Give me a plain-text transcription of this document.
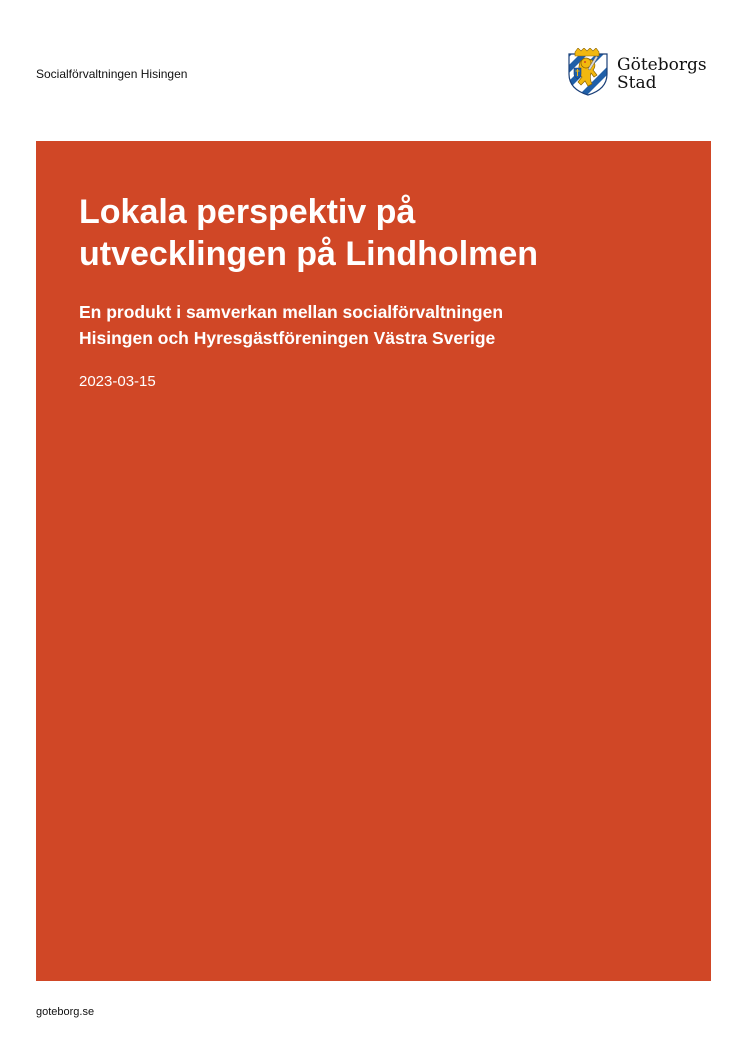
Socialförvaltningen Hisingen	Göteborgs
Stad
Lokala perspektiv på
utvecklingen på Lindholmen
En produkt i samverkan mellan socialförvaltningen
Hisingen och Hyresgästföreningen Västra Sverige
2023-03-15
goteborg.se
